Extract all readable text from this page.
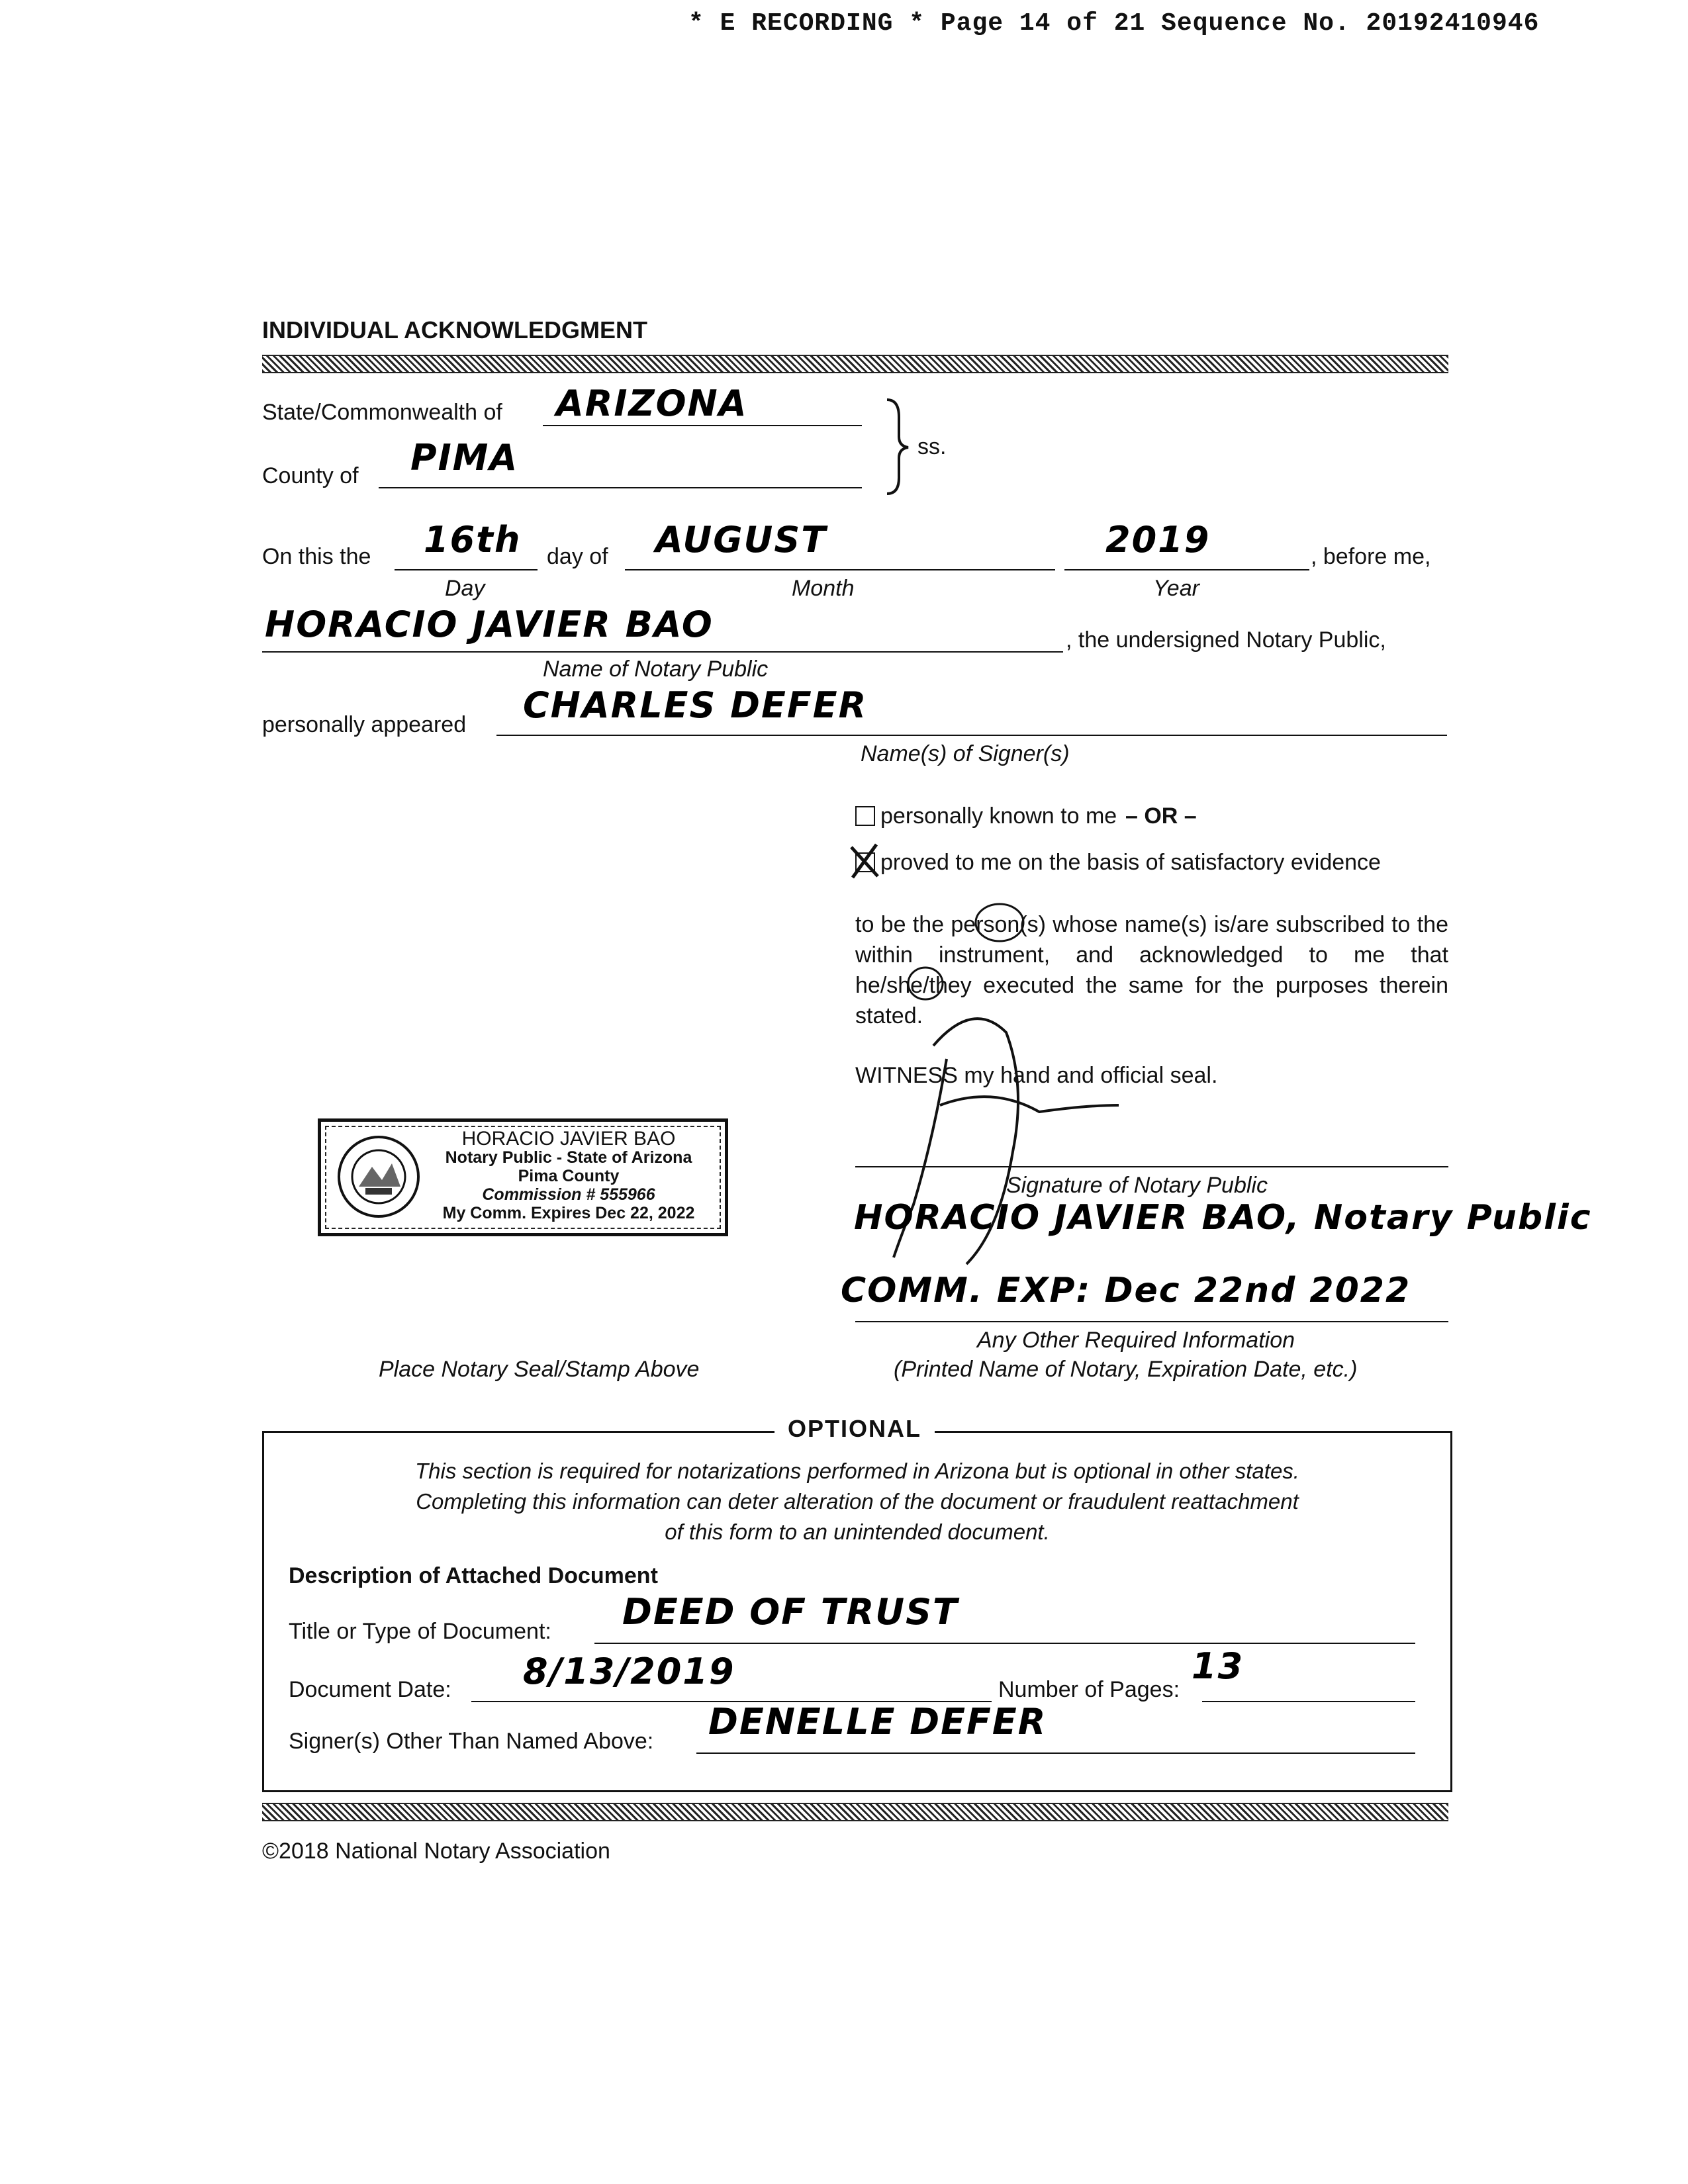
* E RECORDING * Page 14 of 21 Sequence No. 20192410946
INDIVIDUAL ACKNOWLEDGMENT
State/Commonwealth of ARIZONA
County of PIMA	ss.
On this the 16th day of AUGUST	2019	, before me,
Day	Month	Year
HORACIO JAVIER BAO	, the undersigned Notary Public,
Name of Notary Public
personally appeared CHARLES DEFER
Name(s) of Signer(s)
personally known to me – OR –
proved to me on the basis of satisfactory evidence
to be the person(s) whose name(s) is/are subscribed to the within instrument, and acknowledged to me that he/she/they executed the same for the purposes therein stated.
WITNESS my hand and official seal.
Signature of Notary Public
HORACIO JAVIER BAO, Notary Public
COMM. EXP: Dec 22nd 2022
Any Other Required Information
(Printed Name of Notary, Expiration Date, etc.)
HORACIO JAVIER BAO
Notary Public - State of Arizona
Pima County
Commission # 555966
My Comm. Expires Dec 22, 2022
Place Notary Seal/Stamp Above
OPTIONAL
This section is required for notarizations performed in Arizona but is optional in other states.
Completing this information can deter alteration of the document or fraudulent reattachment
of this form to an unintended document.
Description of Attached Document
Title or Type of Document: DEED OF TRUST
Document Date: 8/13/2019	Number of Pages:
13
Signer(s) Other Than Named Above: DENELLE DEFER
©2018 National Notary Association
